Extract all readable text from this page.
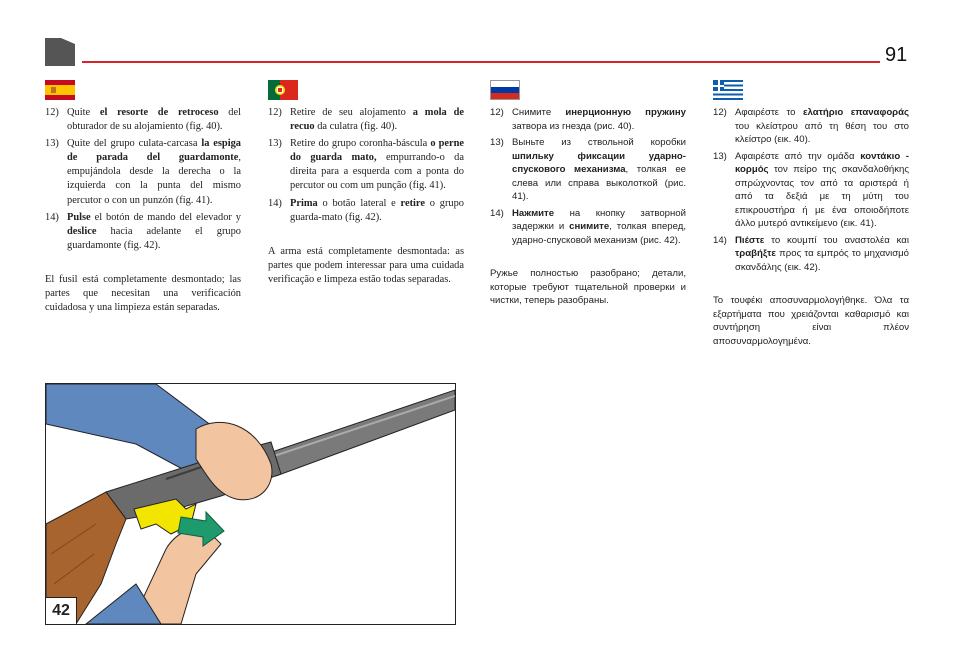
91
12) Quite el resorte de retroceso del obturador de su alojamiento (fig. 40).
13) Quite del grupo culata-carcasa la espiga de parada del guardamonte, empujándola desde la derecha o la izquierda con la punta del mismo percutor o con un punzón (fig. 41).
14) Pulse el botón de mando del elevador y deslice hacia adelante el grupo guardamonte (fig. 42).
El fusil está completamente desmontado; las partes que necesitan una verificación cuidadosa y una limpieza están separadas.
12) Retire de seu alojamento a mola de recuo da culatra (fig. 40).
13) Retire do grupo coronha-báscula o perne do guarda mato, empurrando-o da direita para a esquerda com a ponta do percutor ou com um punção (fig. 41).
14) Prima o botão lateral e retire o grupo guarda-mato (fig. 42).
A arma está completamente desmontada: as partes que podem interessar para uma cuidada verificação e limpeza estão todas separadas.
12) Снимите инерционную пружину затвора из гнезда (рис. 40).
13) Выньте из ствольной коробки шпильку фиксации ударно-спускового механизма, толкая ее слева или справа выколоткой (рис. 41).
14) Нажмите на кнопку затворной задержки и снимите, толкая вперед, ударно-спусковой механизм (рис. 42).
Ружье полностью разобрано; детали, которые требуют тщательной проверки и чистки, теперь разобраны.
12) Αφαιρέστε το ελατήριο επαναφοράς του κλείστρου από τη θέση του στο κλείστρο (εικ. 40).
13) Αφαιρέστε από την ομάδα κοντάκιο - κορμός τον πείρο της σκανδαλοθήκης σπρώχνοντας τον από τα αριστερά ή από τα δεξιά με τη μύτη του επικρουστήρα ή με ένα οποιοδήποτε άλλο μυτερό αντικείμενο (εικ. 41).
14) Πιέστε το κουμπί του αναστολέα και τραβήξτε προς τα εμπρός το μηχανισμό σκανδάλης (εικ. 42).
Το τουφέκι αποσυναρμολογήθηκε. Όλα τα εξαρτήματα που χρειάζονται καθαρισμό και συντήρηση είναι πλέον αποσυναρμολογημένα.
42
